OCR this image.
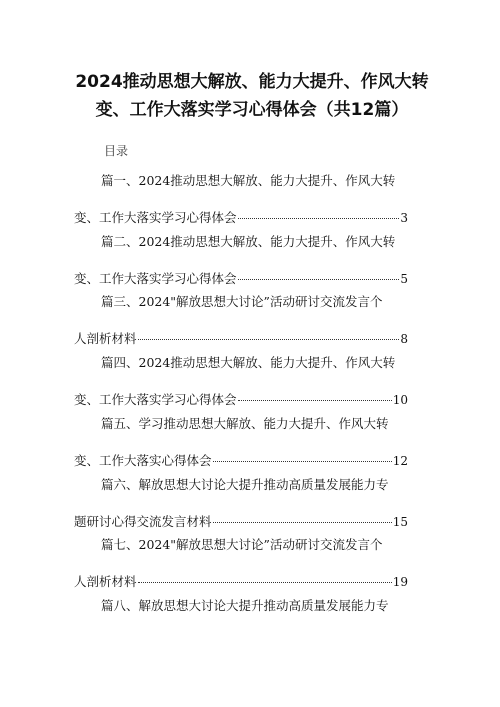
2024推动思想大解放、能力大提升、作风大转变、工作大落实学习心得体会（共12篇）
目录
篇一、2024推动思想大解放、能力大提升、作风大转
变、工作大落实学习心得体会	3
篇二、2024推动思想大解放、能力大提升、作风大转
变、工作大落实学习心得体会	5
篇三、2024"解放思想大讨论”活动研讨交流发言个
人剖析材料	8
篇四、2024推动思想大解放、能力大提升、作风大转
变、工作大落实学习心得体会	10
篇五、学习推动思想大解放、能力大提升、作风大转
变、工作大落实心得体会	12
篇六、解放思想大讨论大提升推动高质量发展能力专
题研讨心得交流发言材料	15
篇七、2024"解放思想大讨论”活动研讨交流发言个
人剖析材料	19
篇八、解放思想大讨论大提升推动高质量发展能力专
